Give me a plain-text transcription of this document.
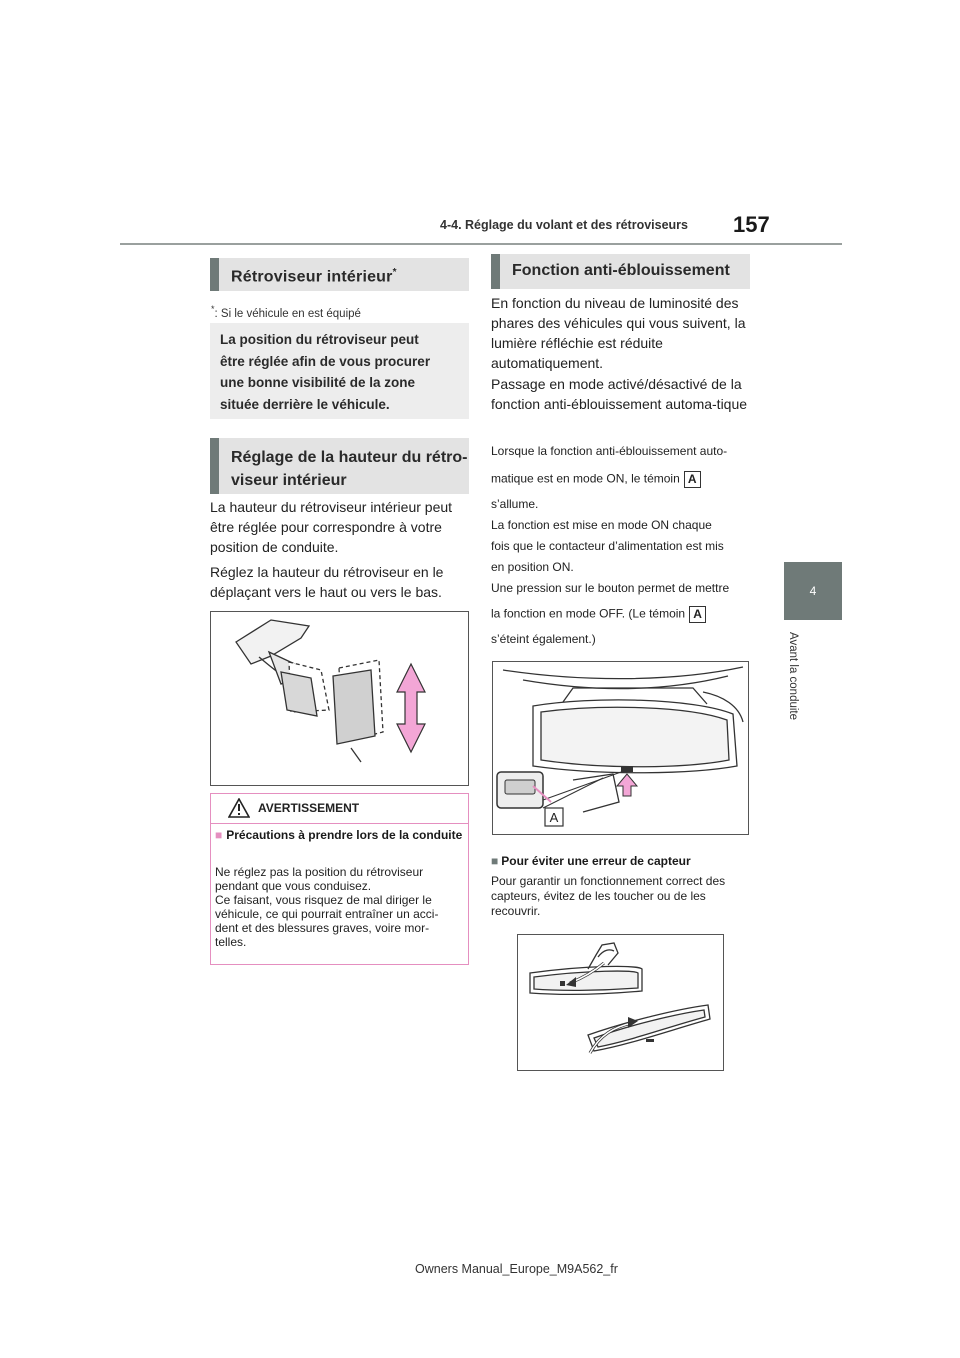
4-4. Réglage du volant et des rétroviseurs 157
4
Avant la conduite
Rétroviseur intérieur*
*: Si le véhicule en est équipé
La position du rétroviseur peut
être réglée afin de vous procurer
une bonne visibilité de la zone
située derrière le véhicule.
Réglage de la hauteur du rétro-
viseur intérieur
La hauteur du rétroviseur intérieur peut être réglée pour correspondre à votre position de conduite.
Réglez la hauteur du rétroviseur en le déplaçant vers le haut ou vers le bas.
AVERTISSEMENT
■ Précautions à prendre lors de la conduite
Ne réglez pas la position du rétroviseur
pendant que vous conduisez.
Ce faisant, vous risquez de mal diriger le
véhicule, ce qui pourrait entraîner un acci-
dent et des blessures graves, voire mor-
telles.
Fonction anti-éblouissement
En fonction du niveau de luminosité des phares des véhicules qui vous suivent, la lumière réfléchie est réduite automatiquement.
Passage en mode activé/désactivé de la fonction anti-éblouissement automa-tique
Lorsque la fonction anti-éblouissement auto-
matique est en mode ON, le témoin A
s’allume.
La fonction est mise en mode ON chaque
fois que le contacteur d’alimentation est mis
en position ON.
Une pression sur le bouton permet de mettre
la fonction en mode OFF. (Le témoin A
s’éteint également.)
A
■ Pour éviter une erreur de capteur
Pour garantir un fonctionnement correct des
capteurs, évitez de les toucher ou de les
recouvrir.
Owners Manual_Europe_M9A562_fr
